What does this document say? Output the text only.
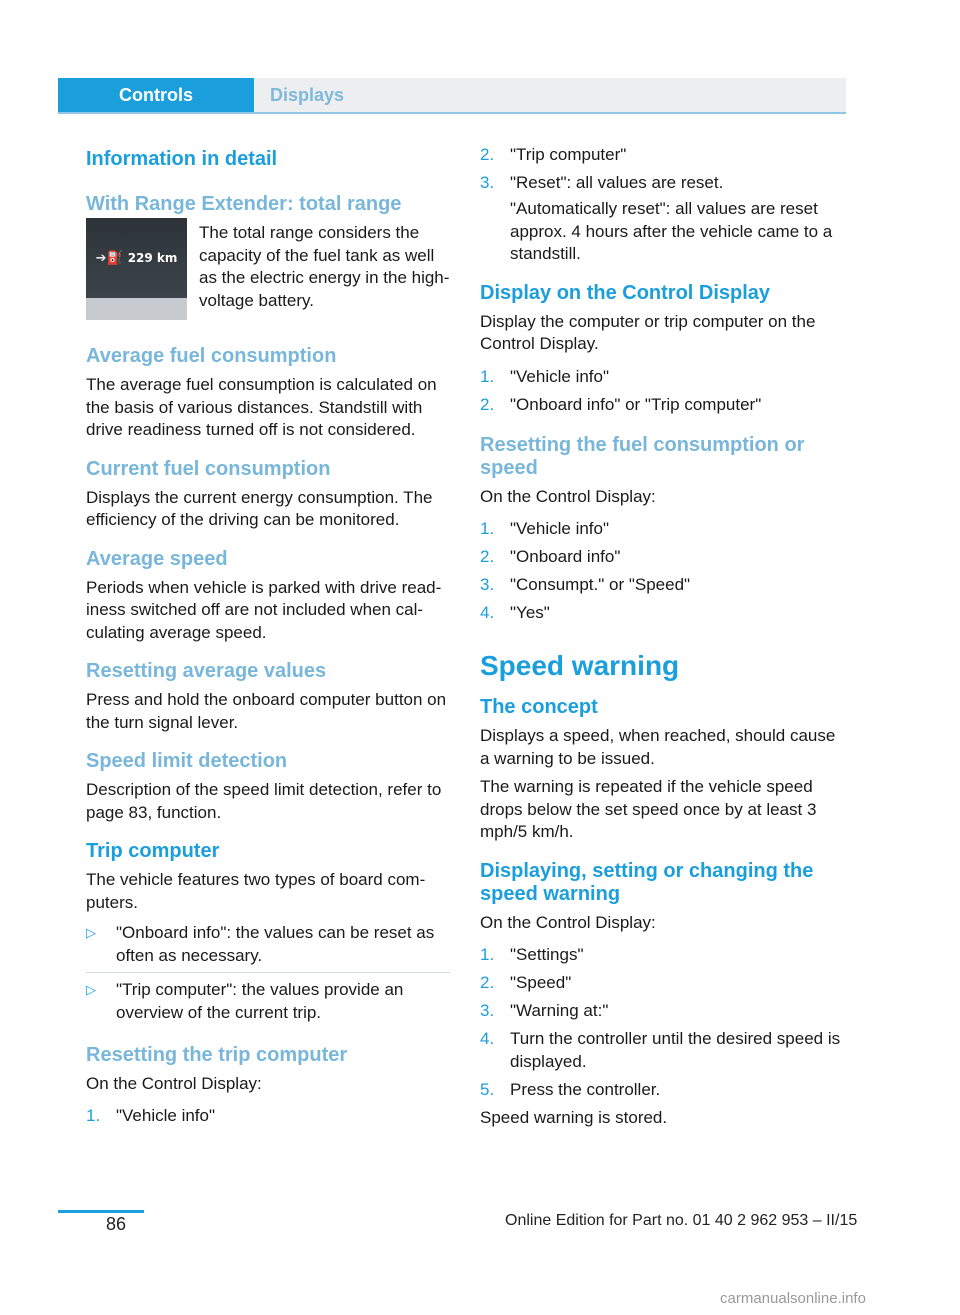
Controls	Displays
Information in detail
With Range Extender: total range
➔⛽ 229 km
The total range considers the capacity of the fuel tank as well as the electric energy in the high-voltage battery.
Average fuel consumption

The average fuel consumption is calculated on the basis of various distances. Standstill with drive readiness turned off is not considered.

Current fuel consumption

Displays the current energy consumption. The efficiency of the driving can be monitored.

Average speed

Periods when vehicle is parked with drive readiness switched off are not included when calculating average speed.

Resetting average values

Press and hold the onboard computer button on the turn signal lever.

Speed limit detection

Description of the speed limit detection, refer to page 83, function.

Trip computer

The vehicle features two types of board computers.

▷	"Onboard info": the values can be reset as often as necessary.
▷	"Trip computer": the values provide an overview of the current trip.
Resetting the trip computer

On the Control Display:

1. "Vehicle info"
2. "Trip computer"
3. "Reset": all values are reset.
"Automatically reset": all values are reset approx. 4 hours after the vehicle came to a standstill.
Display on the Control Display

Display the computer or trip computer on the Control Display.

1. "Vehicle info"
2. "Onboard info" or "Trip computer"
Resetting the fuel consumption or speed

On the Control Display:

1. "Vehicle info"
2. "Onboard info"
3. "Consumpt." or "Speed"
4. "Yes"
Speed warning
The concept

Displays a speed, when reached, should cause a warning to be issued.

The warning is repeated if the vehicle speed drops below the set speed once by at least 3 mph/5 km/h.

Displaying, setting or changing the speed warning

On the Control Display:

1. "Settings"
2. "Speed"
3. "Warning at:"
4. Turn the controller until the desired speed is displayed.
5. Press the controller.

Speed warning is stored.

86	Online Edition for Part no. 01 40 2 962 953 – II/15
carmanualsonline.info
